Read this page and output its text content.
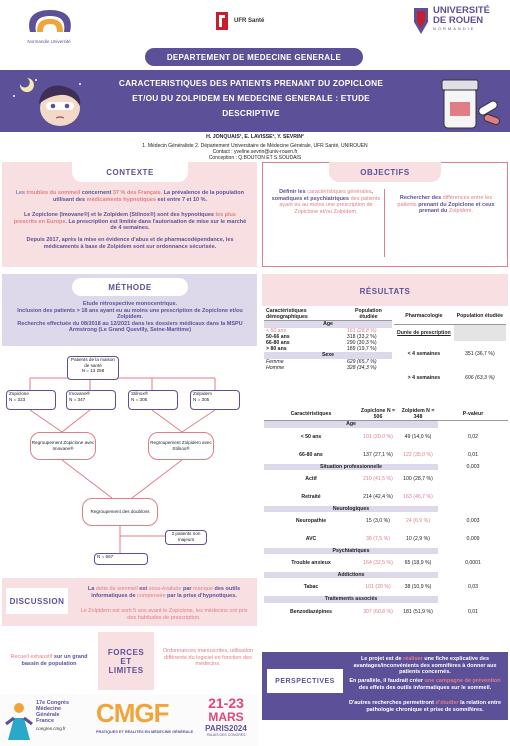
Normandie Université
UFR Santé
UNIVERSITÉ
DE ROUEN
NORMANDIE
DEPARTEMENT DE MEDECINE GENERALE
CARACTERISTIQUES DES PATIENTS PRENANT DU ZOPICLONE
ET/OU DU ZOLPIDEM EN MEDECINE GENERALE : ETUDE
DESCRIPTIVE
H. JONQUAIS¹, E. LAVISSE², Y. SEVRIN²
1. Médecin Généraliste 2. Département Universitaire de Médecine Générale, UFR Santé, UNIROUEN
Contact : yveline.sevrin@univ-rouen.fr
Conception : Q.BOUTON ET S.SOUDAIS
CONTEXTE
Les troubles du sommeil concernent 37 % des Français. La prévalence de la population utilisant des médicaments hypnotiques est entre 7 et 10 %.
Le Zopiclone (Imovane®) et le Zolpidem (Stilnox®) sont des hypnotiques les plus prescrits en Europe. La prescription est limitée dans l'autorisation de mise sur le marché de 4 semaines.
Depuis 2017, après la mise en évidence d'abus et de pharmacodépendance, les médicaments à base de Zolpidem sont sur ordonnance sécurisée.
OBJECTIFS
Définir les caractéristiques générales, somatiques et psychiatriques des patients ayant eu au moins une prescription de Zopiclone et/ou Zolpidem.
Rechercher des différences entre les patients prenant du Zopiclone et ceux prenant du Zolpidem.
MÉTHODE
Etude rétrospective monocentrique.
Inclusion des patients > 18 ans ayant eu au moins une prescription de Zopiclone et/ou Zolpidem.
Recherche effectuée du 08/2018 au 12/2021 dans les dossiers médicaux dans la MSPU Armstrong (Le Grand Quevilly, Seine-Maritime)
Patients de la maison de santé
N = 13 258
Zopiclone
N = 323
Imovane®
N = 347
Stilnox®
N = 305
Zolpidem
N = 305
Regroupement Zopiclone avec Imovane®
Regroupement Zolpidem avec Stilnox®
Regroupement des doublons
2 patients non majeurs
N = 557
RÉSULTATS
Caractéristiques démographiques	Population étudiée
Age	
< 50 ans	161 (28,8 %)
50-66 ans	318 (33,2 %)
66-80 ans	290 (30,3 %)
> 80 ans	189 (19,7 %)
Sexe	
Femme	629 (65,7 %)
Homme	328 (34,3 %)
Pharmacologie	Population étudiée
Durée de prescription	
< 4 semaines	351 (36,7 %)
> 4 semaines	606 (63,3 %)
Caractéristiques	Zopiclone N = 506	Zolpidem N = 348	P-valeur
Age			
< 50 ans	101 (20,0 %)	49 (14,0 %)	0,02
66-80 ans	137 (27,1 %)	122 (35,0 %)	0,01
Situation professionnelle			0,003
Actif	210 (41,5 %)	100 (28,7 %)	
Retraité	214 (42,4 %)	163 (46,7 %)	
Neurologiques			
Neuropathie	15 (3,0 %)	24 (6,9 %)	0,003
AVC	38 (7,5 %)	10 (2,9 %)	0,009
Psychiatriques			
Trouble anxieux	164 (32,5 %)	65 (18,9 %)	0,0001
Addictions			
Tabac	101 (20 %)	38 (10,9 %)	0,03
Traitements associés			
Benzodiazépines	307 (60,8 %)	181 (51,9 %)	0,01
DISCUSSION
La dette de sommeil est sous-évaluée par manque des outils informatiques de compensée par la prise d'hypnotiques.
Le Zolpidem est sorti 5 ans avant le Zopiclone, les médecins ont pris des habitudes de prescription.
Recueil exhaustif sur un grand bassin de population
FORCES
ET
LIMITES
Ordonnances manuscrites, utilisation différente du logiciel en fonction des médecins.
PERSPECTIVES
Le projet est de réaliser une fiche explicative des avantages/inconvénients des somnifères à donner aux patients concernés.
En parallèle, il faudrait créer une campagne de prévention des effets des outils informatiques sur le sommeil.
D'autres recherches permettront d'étudier la relation entre pathologie chronique et prise de somnifères.
17e Congrès
Médecine
Générale
France
congres.cmg.fr
CMGF
PRATIQUES ET RÉALITÉS EN MÉDECINE GÉNÉRALE
21-23
MARS
PARIS2024
PALAIS DES CONGRÈS
